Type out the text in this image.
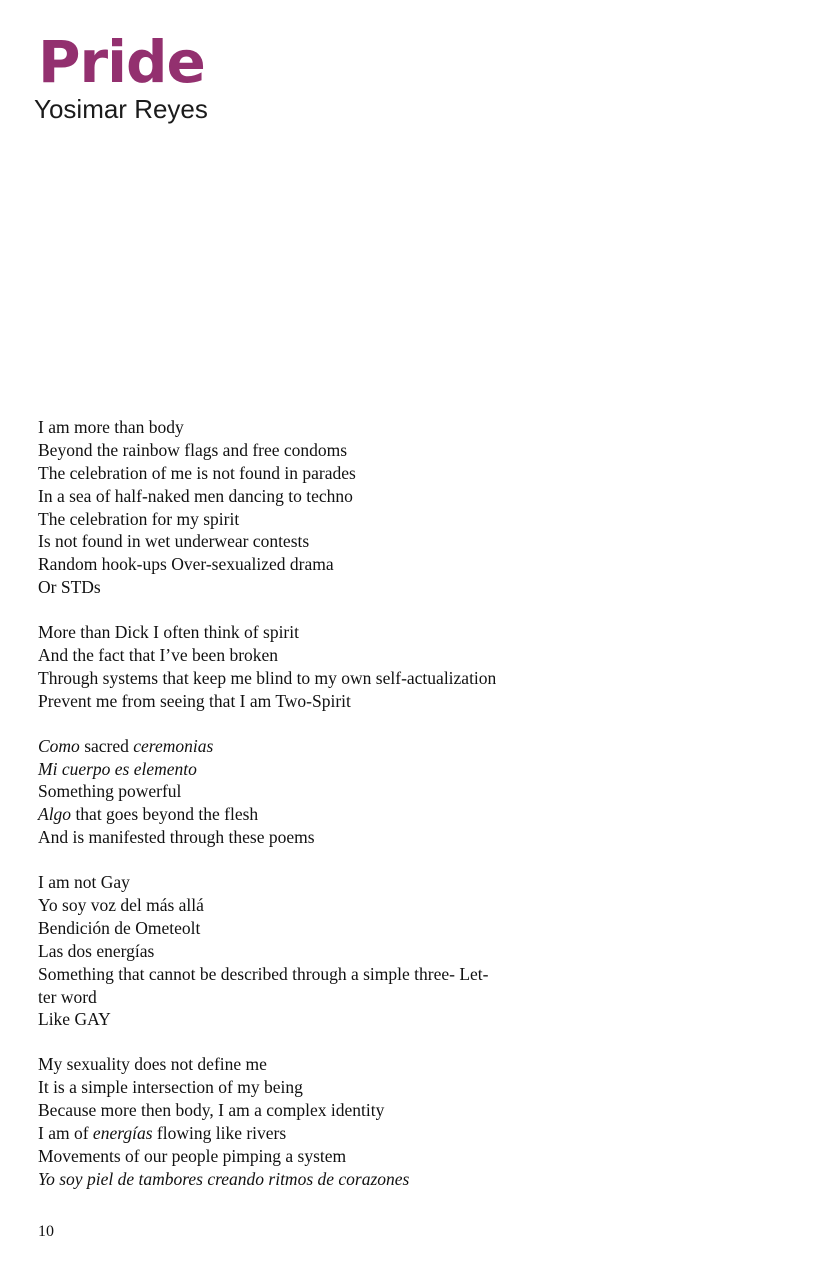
Pride
Yosimar Reyes
I am more than body
Beyond the rainbow flags and free condoms
The celebration of me is not found in parades
In a sea of half-naked men dancing to techno
The celebration for my spirit
Is not found in wet underwear contests
Random hook-ups Over-sexualized drama
Or STDs
More than Dick I often think of spirit
And the fact that I’ve been broken
Through systems that keep me blind to my own self-actualization
Prevent me from seeing that I am Two-Spirit
Como sacred ceremonias
Mi cuerpo es elemento
Something powerful
Algo that goes beyond the flesh
And is manifested through these poems
I am not Gay
Yo soy voz del más allá
Bendición de Ometeolt
Las dos energías
Something that cannot be described through a simple three- Let-
ter word
Like GAY
My sexuality does not define me
It is a simple intersection of my being
Because more then body, I am a complex identity
I am of energías flowing like rivers
Movements of our people pimping a system
Yo soy piel de tambores creando ritmos de corazones
10
